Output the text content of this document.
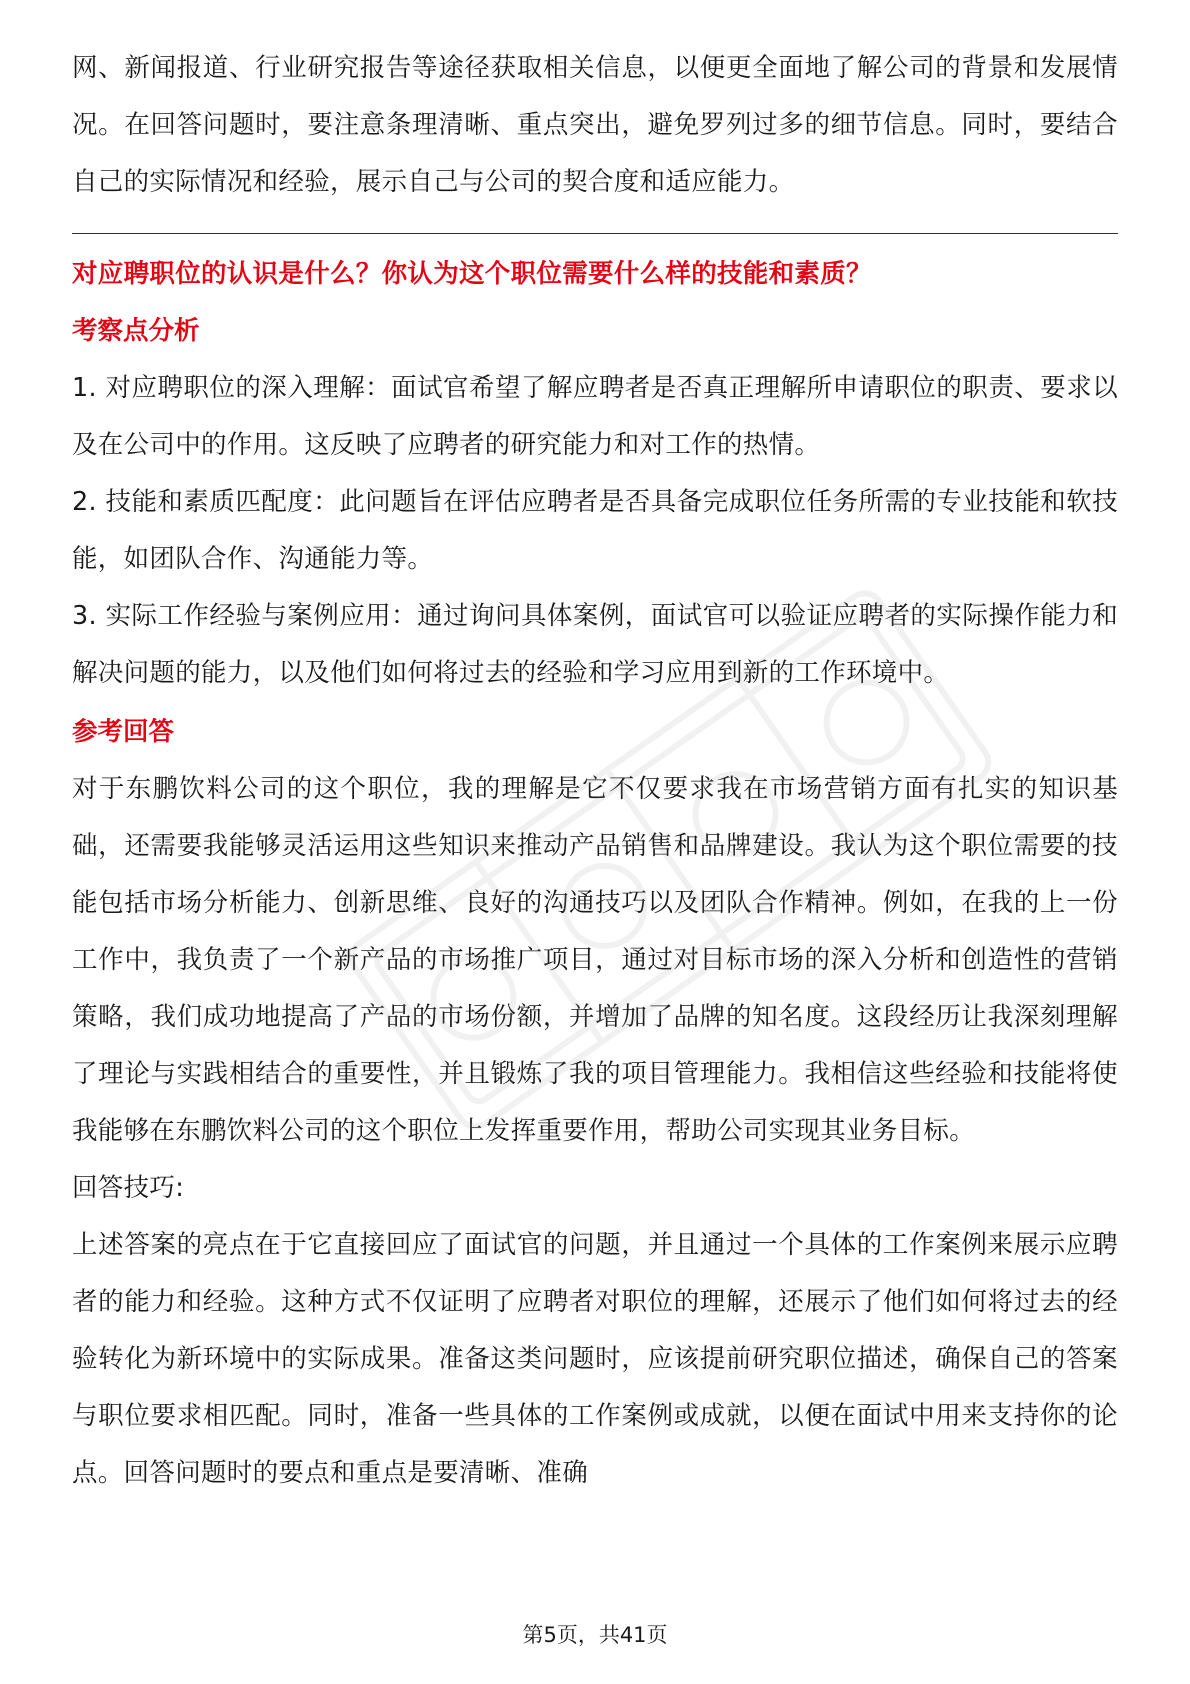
网、新闻报道、行业研究报告等途径获取相关信息，以便更全面地了解公司的背景和发展情况。在回答问题时，要注意条理清晰、重点突出，避免罗列过多的细节信息。同时，要结合自己的实际情况和经验，展示自己与公司的契合度和适应能力。

对应聘职位的认识是什么？你认为这个职位需要什么样的技能和素质？
考察点分析

1. 对应聘职位的深入理解：面试官希望了解应聘者是否真正理解所申请职位的职责、要求以及在公司中的作用。这反映了应聘者的研究能力和对工作的热情。

2. 技能和素质匹配度：此问题旨在评估应聘者是否具备完成职位任务所需的专业技能和软技能，如团队合作、沟通能力等。

3. 实际工作经验与案例应用：通过询问具体案例，面试官可以验证应聘者的实际操作能力和解决问题的能力，以及他们如何将过去的经验和学习应用到新的工作环境中。

参考回答

对于东鹏饮料公司的这个职位，我的理解是它不仅要求我在市场营销方面有扎实的知识基础，还需要我能够灵活运用这些知识来推动产品销售和品牌建设。我认为这个职位需要的技能包括市场分析能力、创新思维、良好的沟通技巧以及团队合作精神。例如，在我的上一份工作中，我负责了一个新产品的市场推广项目，通过对目标市场的深入分析和创造性的营销策略，我们成功地提高了产品的市场份额，并增加了品牌的知名度。这段经历让我深刻理解了理论与实践相结合的重要性，并且锻炼了我的项目管理能力。我相信这些经验和技能将使我能够在东鹏饮料公司的这个职位上发挥重要作用，帮助公司实现其业务目标。

回答技巧:

上述答案的亮点在于它直接回应了面试官的问题，并且通过一个具体的工作案例来展示应聘者的能力和经验。这种方式不仅证明了应聘者对职位的理解，还展示了他们如何将过去的经验转化为新环境中的实际成果。准备这类问题时，应该提前研究职位描述，确保自己的答案与职位要求相匹配。同时，准备一些具体的工作案例或成就，以便在面试中用来支持你的论点。回答问题时的要点和重点是要清晰、准确

第5页，共41页
